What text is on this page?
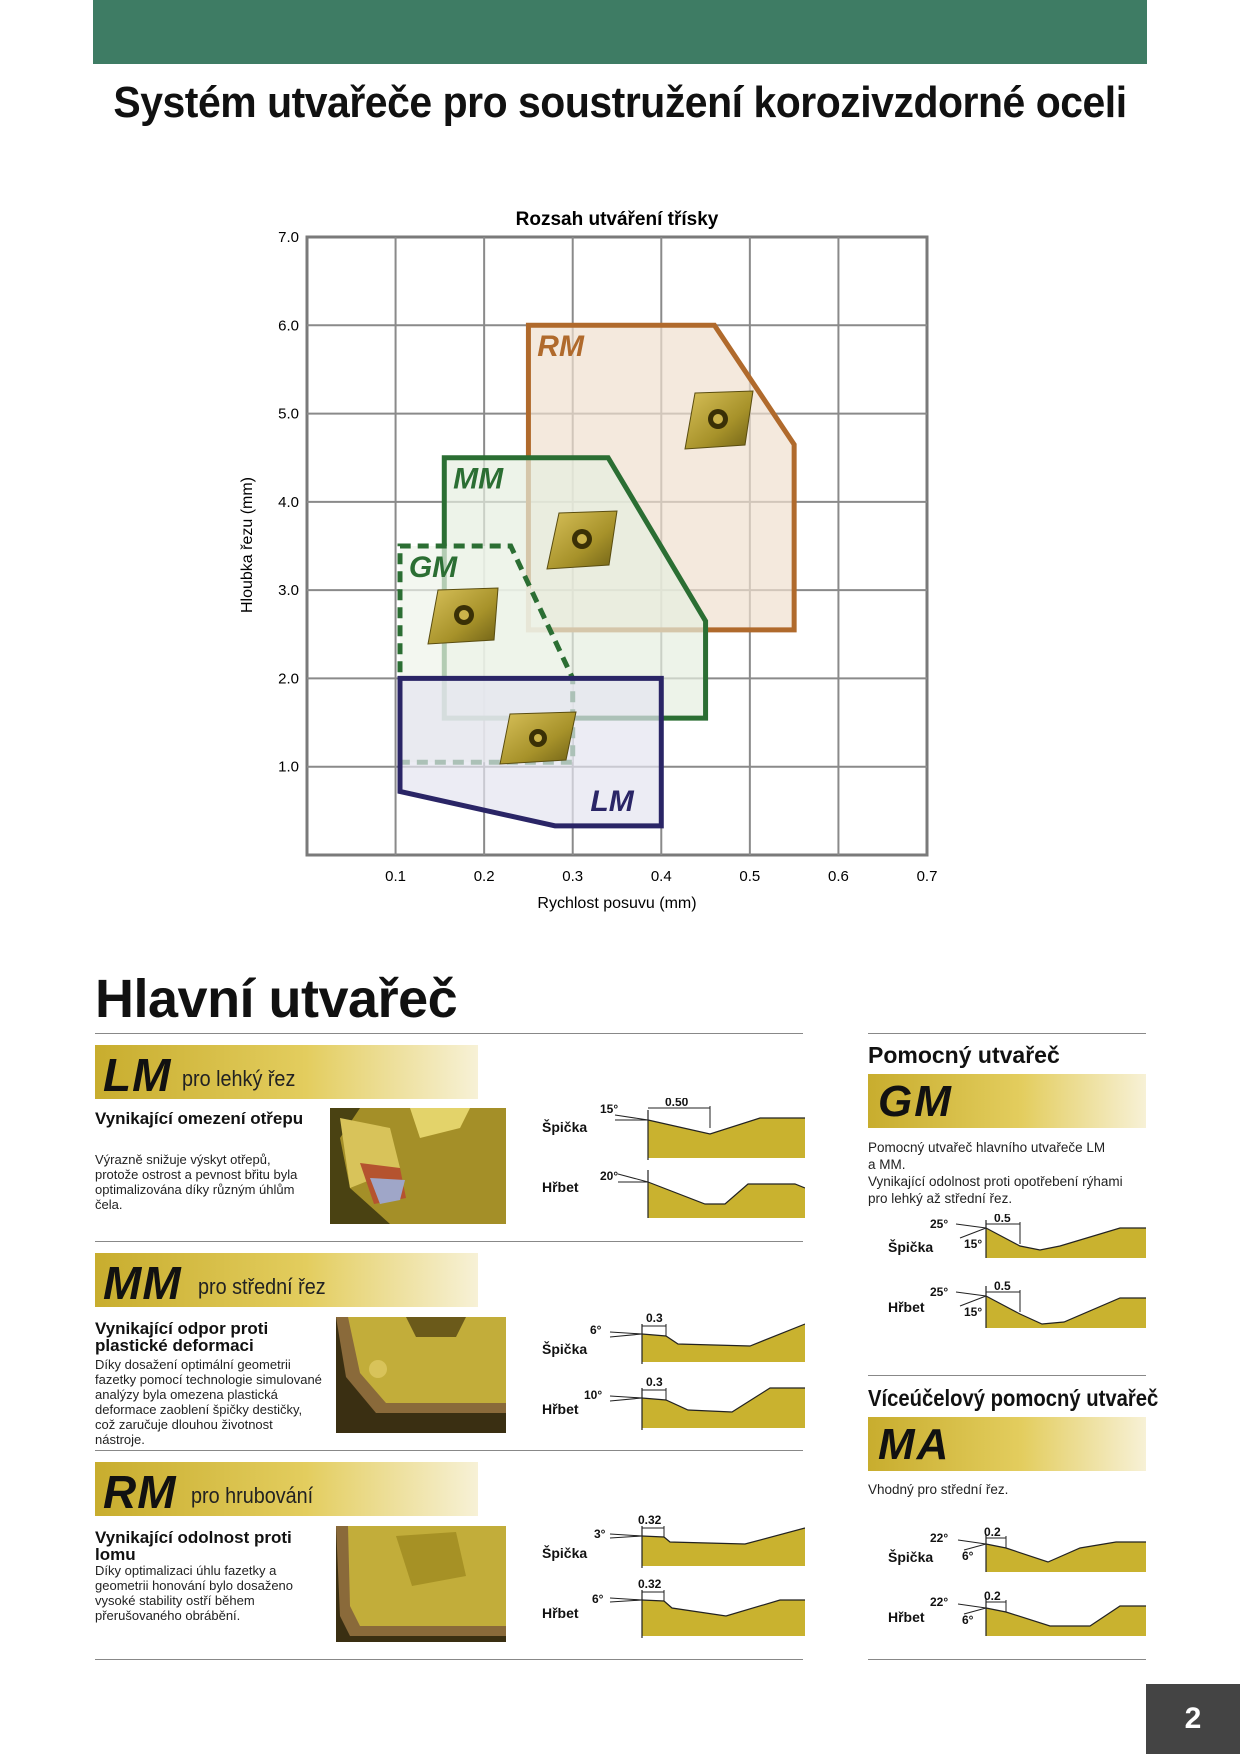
Systém utvařeče pro soustružení korozivzdorné oceli
Rozsah utváření třísky
0.1	0.2	0.3	0.4	0.5	0.6	0.7
1.0
2.0
3.0
4.0
5.0
6.0
7.0
RM
MM
GM
LM
Rychlost posuvu (mm)
Hloubka řezu (mm)
Hlavní utvařeč
LM pro lehký řez
Vynikající omezení otřepu
Výrazně snižuje výskyt otřepů, protože ostrost a pevnost břitu byla optimalizována díky různým úhlům čela.
Špička
15°	0.50
Hřbet
20°
MM pro střední řez
Vynikající odpor proti plastické deformaci
Díky dosažení optimální geometrii fazetky pomocí technologie simulované analýzy byla omezena plastická deformace zaoblení špičky destičky, což zaručuje dlouhou životnost nástroje.
Špička
6°
0.3
Hřbet
10°
0.3
RM pro hrubování
Vynikající odolnost proti lomu
Díky optimalizaci úhlu fazetky a geometrii honování bylo dosaženo vysoké stability ostří během přerušovaného obrábění.
Špička
3°
0.32
Hřbet
6°
0.32
Pomocný utvařeč
GM
Pomocný utvařeč hlavního utvařeče LM
a MM.
Vynikající odolnost proti opotřebení rýhami
pro lehký až střední řez.
Špička
25°
15°
0.5
Hřbet
25°
15°
0.5
Víceúčelový pomocný utvařeč
MA
Vhodný pro střední řez.
Špička
22°
6°
0.2
Hřbet
22°
6°
0.2
2
